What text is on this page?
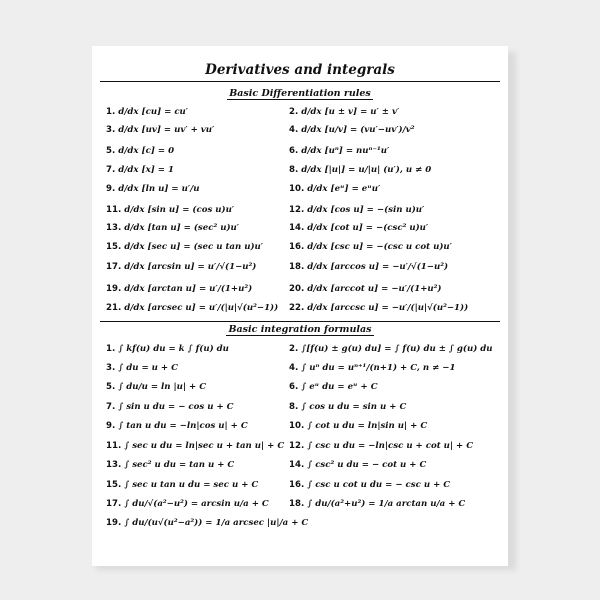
Derivatives and integrals
Basic Differentiation rules
1. d/dx [cu] = cu′
3. d/dx [uv] = uv′ + vu′
5. d/dx [c] = 0
7. d/dx [x] = 1
9. d/dx [ln u] = u′/u
11. d/dx [sin u] = (cos u)u′
13. d/dx [tan u] = (sec² u)u′
15. d/dx [sec u] = (sec u tan u)u′
17. d/dx [arcsin u] = u′/√(1−u²)
19. d/dx [arctan u] = u′/(1+u²)
21. d/dx [arcsec u] = u′/(|u|√(u²−1))
2. d/dx [u ± v] = u′ ± v′
4. d/dx [u/v] = (vu′−uv′)/v²
6. d/dx [uⁿ] = nuⁿ⁻¹u′
8. d/dx [|u|] = u/|u| (u′), u ≠ 0
10. d/dx [eᵘ] = eᵘu′
12. d/dx [cos u] = −(sin u)u′
14. d/dx [cot u] = −(csc² u)u′
16. d/dx [csc u] = −(csc u cot u)u′
18. d/dx [arccos u] = −u′/√(1−u²)
20. d/dx [arccot u] = −u′/(1+u²)
22. d/dx [arccsc u] = −u′/(|u|√(u²−1))
Basic integration formulas
1. ∫ kf(u) du = k ∫ f(u) du
3. ∫ du = u + C
5. ∫ du/u = ln |u| + C
7. ∫ sin u du = − cos u + C
9. ∫ tan u du = −ln|cos u| + C
11. ∫ sec u du = ln|sec u + tan u| + C
13. ∫ sec² u du = tan u + C
15. ∫ sec u tan u du = sec u + C
17. ∫ du/√(a²−u²) = arcsin u/a + C
19. ∫ du/(u√(u²−a²)) = 1/a arcsec |u|/a + C
2. ∫[f(u) ± g(u) du] = ∫ f(u) du ± ∫ g(u) du
4. ∫ uⁿ du = uⁿ⁺¹/(n+1) + C, n ≠ −1
6. ∫ eᵘ du = eᵘ + C
8. ∫ cos u du = sin u + C
10. ∫ cot u du = ln|sin u| + C
12. ∫ csc u du = −ln|csc u + cot u| + C
14. ∫ csc² u du = − cot u + C
16. ∫ csc u cot u du = − csc u + C
18. ∫ du/(a²+u²) = 1/a arctan u/a + C
